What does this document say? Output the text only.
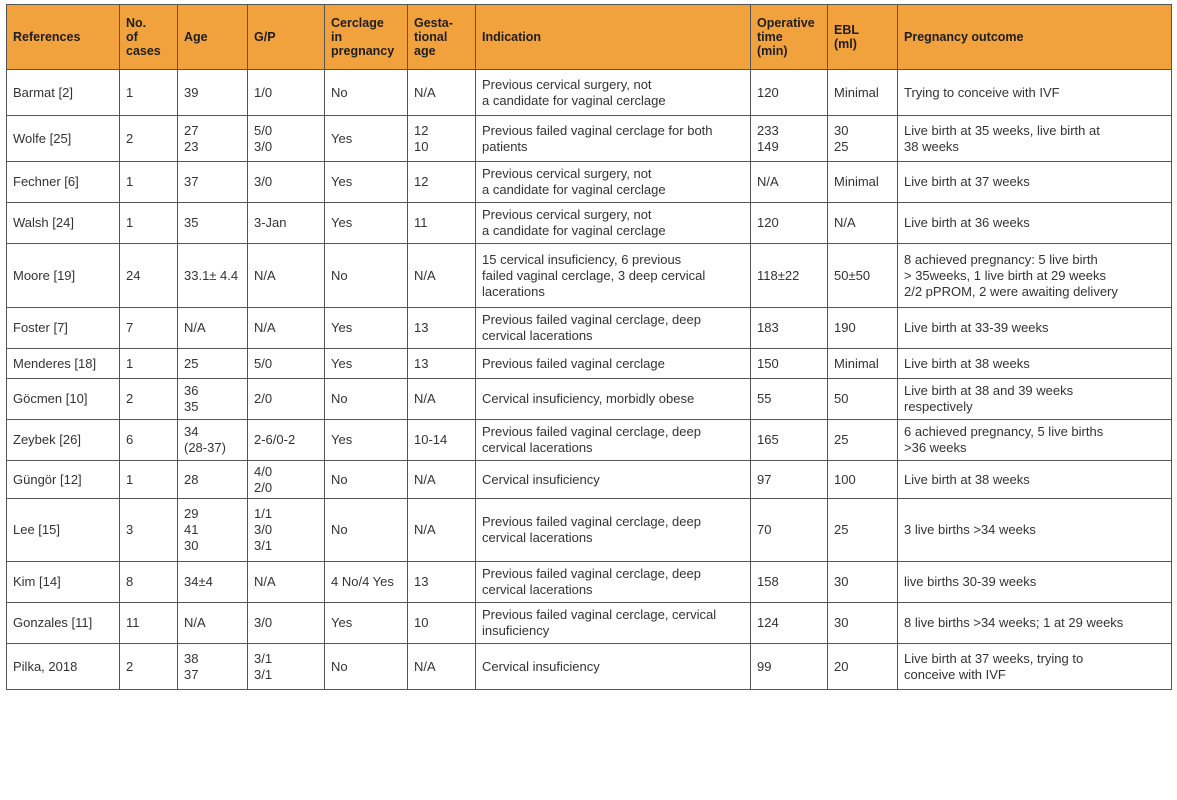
References	No.
of
cases	Age	G/P	Cerclage
in
pregnancy	Gesta-
tional
age	Indication	Operative
time
(min)	EBL
(ml)	Pregnancy outcome

Barmat [2]	1	39	1/0	No	N/A	Previous cervical surgery, not
a candidate for vaginal cerclage	120	Minimal	Trying to conceive with IVF

Wolfe [25]	2	27
23	5/0
3/0	Yes	12
10	Previous failed vaginal cerclage for both
patients	233
149	30
25	Live birth at 35 weeks, live birth at
38 weeks

Fechner [6]	1	37	3/0	Yes	12	Previous cervical surgery, not
a candidate for vaginal cerclage	N/A	Minimal	Live birth at 37 weeks

Walsh [24]	1	35	3-Jan	Yes	11	Previous cervical surgery, not
a candidate for vaginal cerclage	120	N/A	Live birth at 36 weeks

Moore [19]	24	33.1± 4.4	N/A	No	N/A	15 cervical insuficiency, 6 previous
failed vaginal cerclage, 3 deep cervical
lacerations	118±22	50±50	8 achieved pregnancy: 5 live birth
> 35weeks, 1 live birth at 29 weeks
2/2 pPROM, 2 were awaiting delivery

Foster [7]	7	N/A	N/A	Yes	13	Previous failed vaginal cerclage, deep
cervical lacerations	183	190	Live birth at 33-39 weeks

Menderes [18]	1	25	5/0	Yes	13	Previous failed vaginal cerclage	150	Minimal	Live birth at 38 weeks

Göcmen [10]	2	36
35	2/0	No	N/A	Cervical insuficiency, morbidly obese	55	50	Live birth at 38 and 39 weeks
respectively

Zeybek [26]	6	34
(28-37)	2-6/0-2	Yes	10-14	Previous failed vaginal cerclage, deep
cervical lacerations	165	25	6 achieved pregnancy, 5 live births
>36 weeks

Güngör [12]	1	28	4/0
2/0	No	N/A	Cervical insuficiency	97	100	Live birth at 38 weeks

Lee [15]	3	29
41
30	1/1
3/0
3/1	No	N/A	Previous failed vaginal cerclage, deep
cervical lacerations	70	25	3 live births >34 weeks

Kim [14]	8	34±4	N/A	4 No/4 Yes	13	Previous failed vaginal cerclage, deep
cervical lacerations	158	30	live births 30-39 weeks

Gonzales [11]	11	N/A	3/0	Yes	10	Previous failed vaginal cerclage, cervical
insuficiency	124	30	8 live births >34 weeks; 1 at 29 weeks

Pilka, 2018	2	38
37	3/1
3/1	No	N/A	Cervical insuficiency	99	20	Live birth at 37 weeks, trying to
conceive with IVF
